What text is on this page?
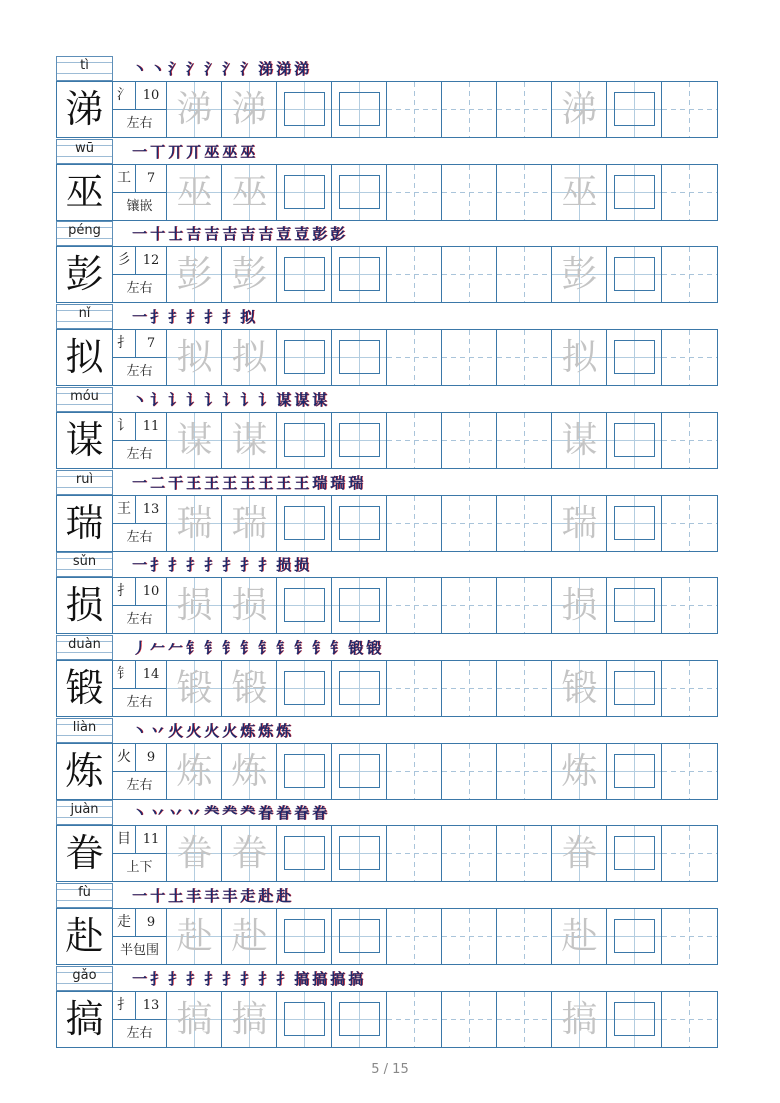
tì	丶 丶 氵 氵 氵 氵 氵 涕 涕 涕
涕 氵 10
左右 涕 涕	涕
wū	一 丅 丌 丌 巫 巫 巫
巫 工	7
镶嵌 巫 巫	巫
péng	一 十 士 吉 吉 吉 吉 吉 壴 壴 彭 彭
彭 彡 12
左右 彭 彭	彭
nǐ	一 扌 扌 扌 扌 扌 拟
拟 扌	7
左右 拟 拟	拟
móu	丶 讠 讠 讠 讠 讠 讠 讠 谋 谋 谋
谋 讠 11
左右 谋 谋	谋
ruì	一 二 干 王 王 王 王 王 王 王 瑞 瑞 瑞
瑞 王 13
左右 瑞 瑞	瑞
sǔn	一 扌 扌 扌 扌 扌 扌 扌 损 损
损 扌 10
左右 损 损	损
duàn	丿 𠂉 𠂉 钅 钅 钅 钅 钅 钅 钅 钅 钅 锻 锻
锻 钅 14
左右 锻 锻	锻
liàn	丶 丷 火 火 火 火 炼 炼 炼
炼 火	9
左右 炼 炼	炼
juàn	丶 丷 丷 丷 龹 龹 龹 眷 眷 眷 眷
眷 目 11
上下 眷 眷	眷
fù	一 十 土 丰 丰 丰 走 赴 赴
赴 走	9
半包围 赴 赴	赴
gǎo	一 扌 扌 扌 扌 扌 扌 扌 扌 搞 搞 搞 搞
搞 扌 13
左右 搞 搞	搞
5 / 15
